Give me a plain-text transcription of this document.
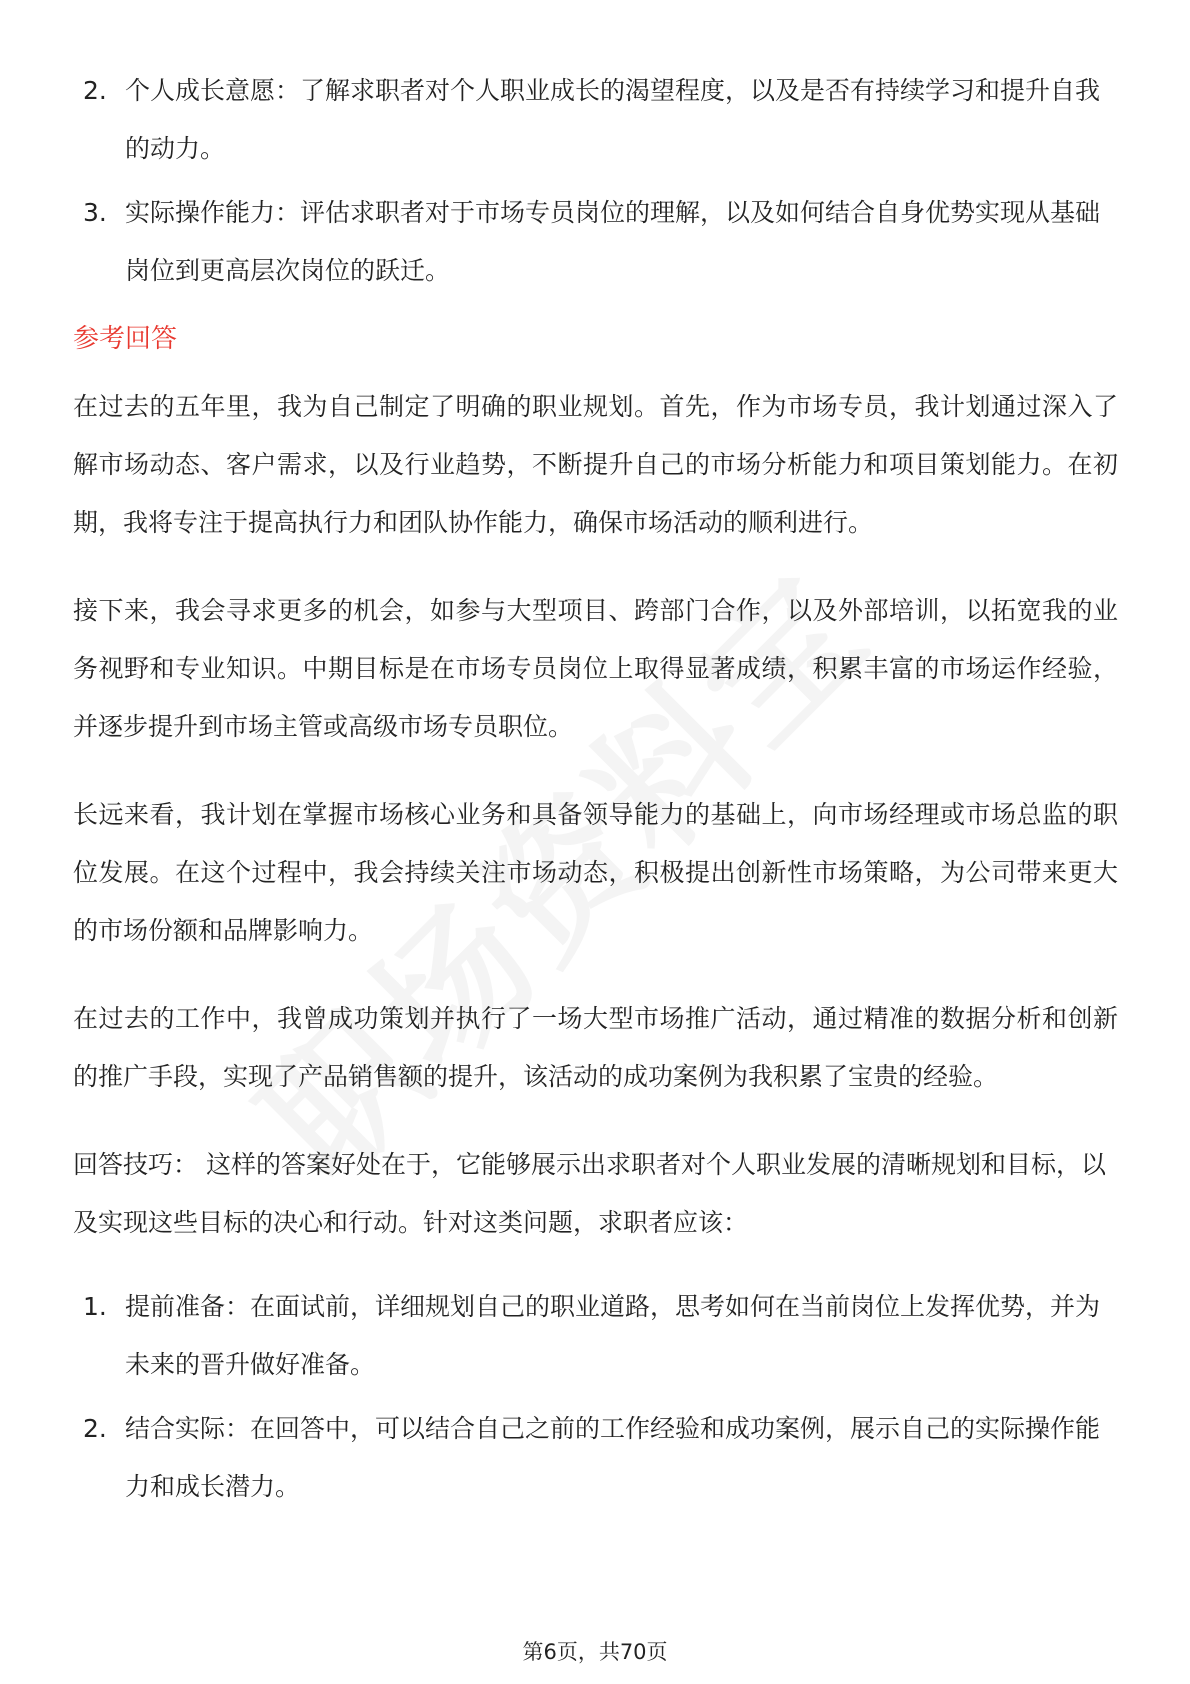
2. 个人成长意愿：了解求职者对个人职业成长的渴望程度，以及是否有持续学习和提升自我的动力。
3. 实际操作能力：评估求职者对于市场专员岗位的理解，以及如何结合自身优势实现从基础岗位到更高层次岗位的跃迁。
参考回答

在过去的五年里，我为自己制定了明确的职业规划。首先，作为市场专员，我计划通过深入了解市场动态、客户需求，以及行业趋势，不断提升自己的市场分析能力和项目策划能力。在初期，我将专注于提高执行力和团队协作能力，确保市场活动的顺利进行。

接下来，我会寻求更多的机会，如参与大型项目、跨部门合作，以及外部培训，以拓宽我的业务视野和专业知识。中期目标是在市场专员岗位上取得显著成绩，积累丰富的市场运作经验，并逐步提升到市场主管或高级市场专员职位。

长远来看，我计划在掌握市场核心业务和具备领导能力的基础上，向市场经理或市场总监的职位发展。在这个过程中，我会持续关注市场动态，积极提出创新性市场策略，为公司带来更大的市场份额和品牌影响力。

在过去的工作中，我曾成功策划并执行了一场大型市场推广活动，通过精准的数据分析和创新的推广手段，实现了产品销售额的提升，该活动的成功案例为我积累了宝贵的经验。

回答技巧： 这样的答案好处在于，它能够展示出求职者对个人职业发展的清晰规划和目标，以及实现这些目标的决心和行动。针对这类问题，求职者应该：

1. 提前准备：在面试前，详细规划自己的职业道路，思考如何在当前岗位上发挥优势，并为未来的晋升做好准备。
2. 结合实际：在回答中，可以结合自己之前的工作经验和成功案例，展示自己的实际操作能力和成长潜力。
第6页，共70页
